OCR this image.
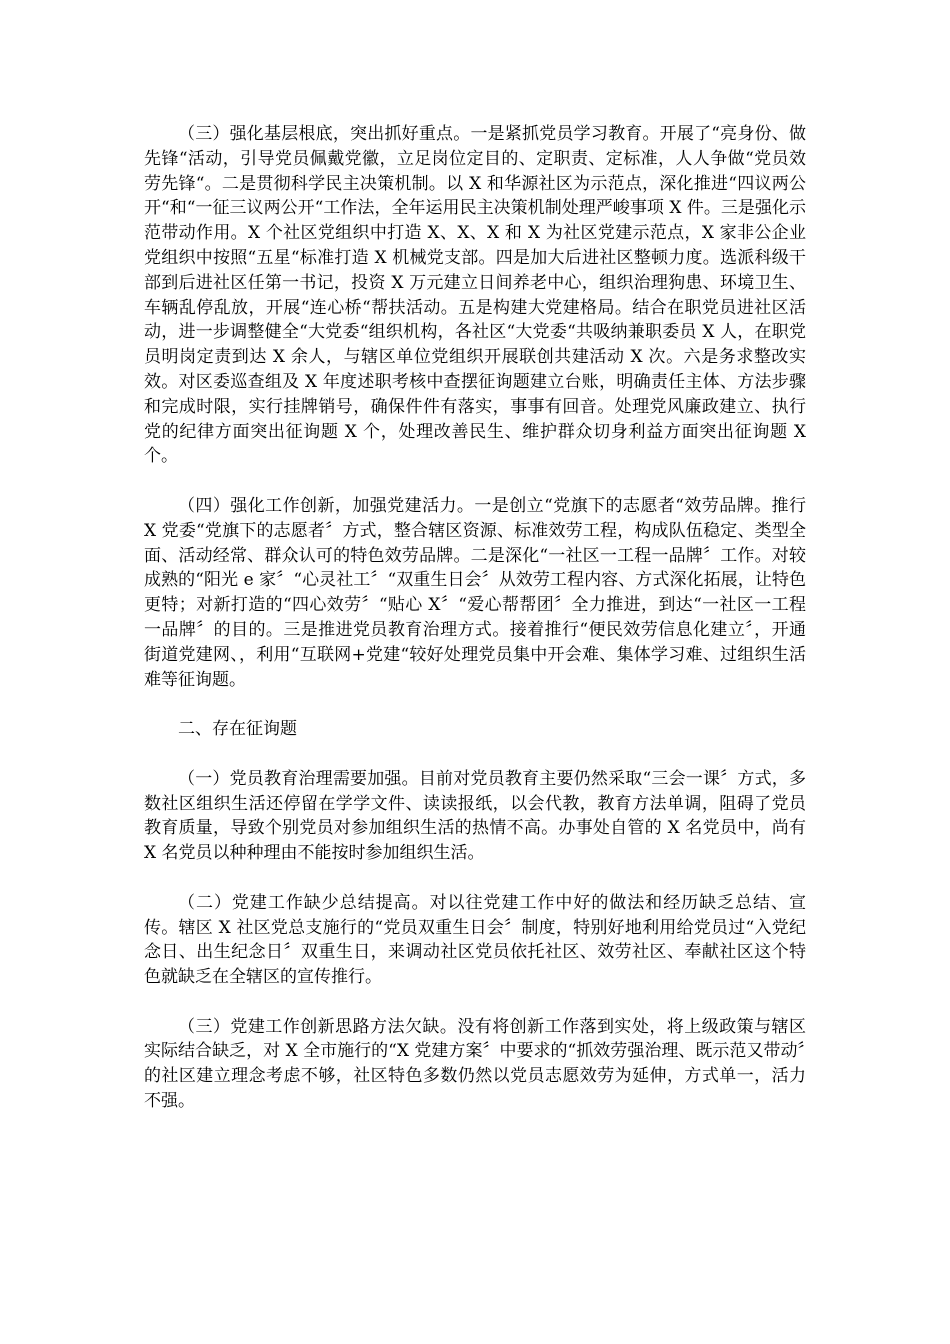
（三）强化基层根底，突出抓好重点。一是紧抓党员学习教育。开展了“亮身份、做先锋“活动，引导党员佩戴党徽，立足岗位定目的、定职责、定标准，人人争做“党员效劳先锋“。二是贯彻科学民主决策机制。以 X 和华源社区为示范点，深化推进“四议两公开“和“一征三议两公开“工作法，全年运用民主决策机制处理严峻事项 X 件。三是强化示范带动作用。X 个社区党组织中打造 X、X、X 和 X 为社区党建示范点，X 家非公企业党组织中按照“五星“标准打造 X 机械党支部。四是加大后进社区整顿力度。选派科级干部到后进社区任第一书记，投资 X 万元建立日间养老中心，组织治理狗患、环境卫生、车辆乱停乱放，开展“连心桥“帮扶活动。五是构建大党建格局。结合在职党员进社区活动，进一步调整健全“大党委“组织机构，各社区“大党委“共吸纳兼职委员 X 人，在职党员明岗定责到达 X 余人，与辖区单位党组织开展联创共建活动 X 次。六是务求整改实效。对区委巡查组及 X 年度述职考核中查摆征询题建立台账，明确责任主体、方法步骤和完成时限，实行挂牌销号，确保件件有落实，事事有回音。处理党风廉政建立、执行党的纪律方面突出征询题 X 个，处理改善民生、维护群众切身利益方面突出征询题 X 个。

（四）强化工作创新，加强党建活力。一是创立“党旗下的志愿者“效劳品牌。推行 X 党委“党旗下的志愿者〞方式，整合辖区资源、标准效劳工程，构成队伍稳定、类型全面、活动经常、群众认可的特色效劳品牌。二是深化“一社区一工程一品牌〞工作。对较成熟的“阳光 e 家〞“心灵社工〞“双重生日会〞从效劳工程内容、方式深化拓展，让特色更特；对新打造的“四心效劳〞“贴心 X〞“爱心帮帮团〞全力推进，到达“一社区一工程一品牌〞的目的。三是推进党员教育治理方式。接着推行“便民效劳信息化建立〞，开通街道党建网、，利用“互联网+党建“较好处理党员集中开会难、集体学习难、过组织生活难等征询题。

二、存在征询题

（一）党员教育治理需要加强。目前对党员教育主要仍然采取“三会一课〞方式，多数社区组织生活还停留在学学文件、读读报纸，以会代教，教育方法单调，阻碍了党员教育质量，导致个别党员对参加组织生活的热情不高。办事处自管的 X 名党员中，尚有 X 名党员以种种理由不能按时参加组织生活。

（二）党建工作缺少总结提高。对以往党建工作中好的做法和经历缺乏总结、宣传。辖区 X 社区党总支施行的“党员双重生日会〞制度，特别好地利用给党员过“入党纪念日、出生纪念日〞双重生日，来调动社区党员依托社区、效劳社区、奉献社区这个特色就缺乏在全辖区的宣传推行。

（三）党建工作创新思路方法欠缺。没有将创新工作落到实处，将上级政策与辖区实际结合缺乏，对 X 全市施行的“X 党建方案〞中要求的“抓效劳强治理、既示范又带动〞的社区建立理念考虑不够，社区特色多数仍然以党员志愿效劳为延伸，方式单一，活力不强。
